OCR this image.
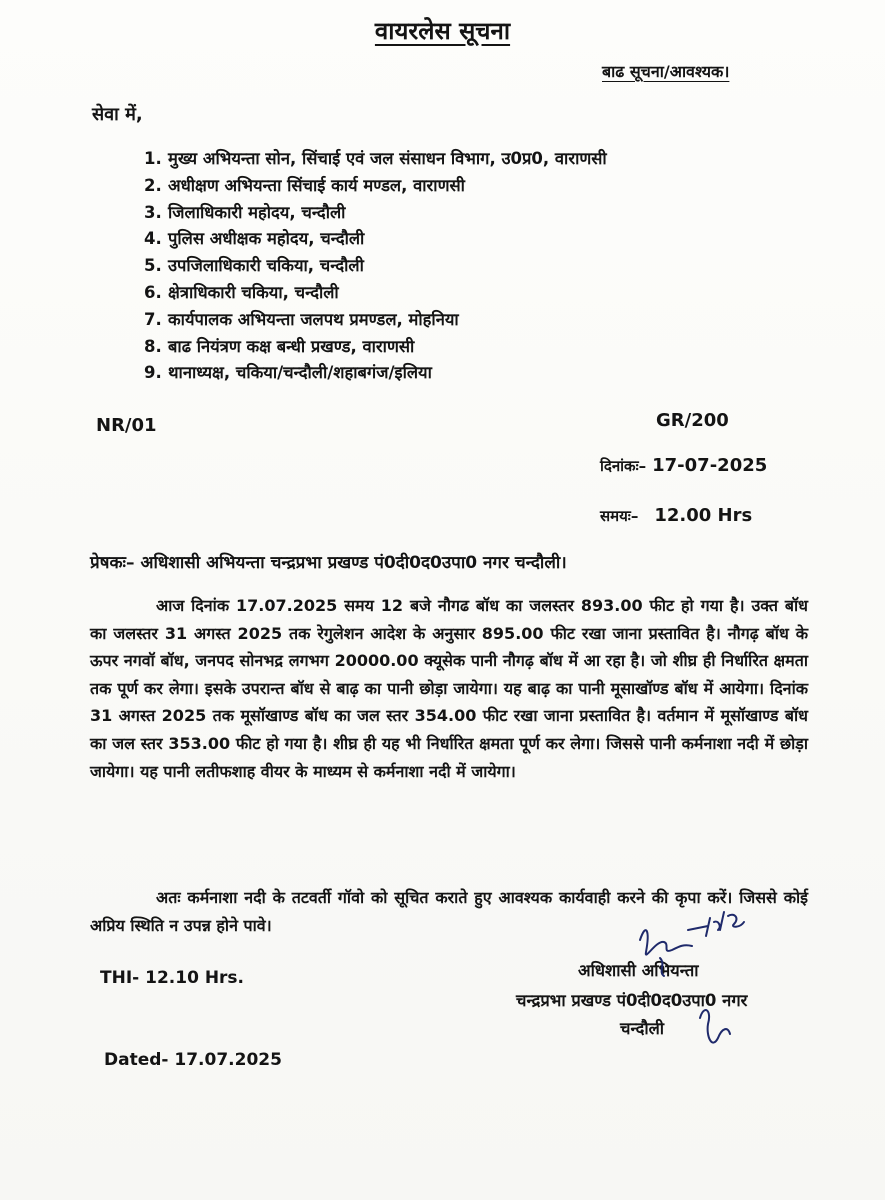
वायरलेस सूचना
बाढ सूचना/आवश्यक।
सेवा में,
1. मुख्य अभियन्ता सोन, सिंचाई एवं जल संसाधन विभाग, उ0प्र0, वाराणसी
2. अधीक्षण अभियन्ता सिंचाई कार्य मण्डल, वाराणसी
3. जिलाधिकारी महोदय, चन्दौली
4. पुलिस अधीक्षक महोदय, चन्दौली
5. उपजिलाधिकारी चकिया, चन्दौली
6. क्षेत्राधिकारी चकिया, चन्दौली
7. कार्यपालक अभियन्ता जलपथ प्रमण्डल, मोहनिया
8. बाढ नियंत्रण कक्ष बन्धी प्रखण्ड, वाराणसी
9. थानाध्यक्ष, चकिया/चन्दौली/शहाबगंज/इलिया
NR/01	GR/200
दिनांकः– 17-07-2025
समयः– 12.00 Hrs
प्रेषकः– अधिशासी अभियन्ता चन्द्रप्रभा प्रखण्ड पं0दी0द0उपा0 नगर चन्दौली।

आज दिनांक 17.07.2025 समय 12 बजे नौगढ बॉध का जलस्तर 893.00 फीट हो गया है। उक्त बॉध का जलस्तर 31 अगस्त 2025 तक रेगुलेशन आदेश के अनुसार 895.00 फीट रखा जाना प्रस्तावित है। नौगढ़ बॉध के ऊपर नगवॉ बॉध, जनपद सोनभद्र लगभग 20000.00 क्यूसेक पानी नौगढ़ बॉध में आ रहा है। जो शीघ्र ही निर्धारित क्षमता तक पूर्ण कर लेगा। इसके उपरान्त बॉध से बाढ़ का पानी छोड़ा जायेगा। यह बाढ़ का पानी मूसाखॉण्ड बॉध में आयेगा। दिनांक 31 अगस्त 2025 तक मूसॉखाण्ड बॉध का जल स्तर 354.00 फीट रखा जाना प्रस्तावित है। वर्तमान में मूसॉखाण्ड बॉध का जल स्तर 353.00 फीट हो गया है। शीघ्र ही यह भी निर्धारित क्षमता पूर्ण कर लेगा। जिससे पानी कर्मनाशा नदी में छोड़ा जायेगा। यह पानी लतीफशाह वीयर के माध्यम से कर्मनाशा नदी में जायेगा।

अतः कर्मनाशा नदी के तटवर्ती गॉवो को सूचित कराते हुए आवश्यक कार्यवाही करने की कृपा करें। जिससे कोई अप्रिय स्थिति न उपन्न होने पावे।

THI- 12.10 Hrs.
Dated- 17.07.2025
अधिशासी अभियन्ता
चन्द्रप्रभा प्रखण्ड पं0दी0द0उपा0 नगर
चन्दौली
